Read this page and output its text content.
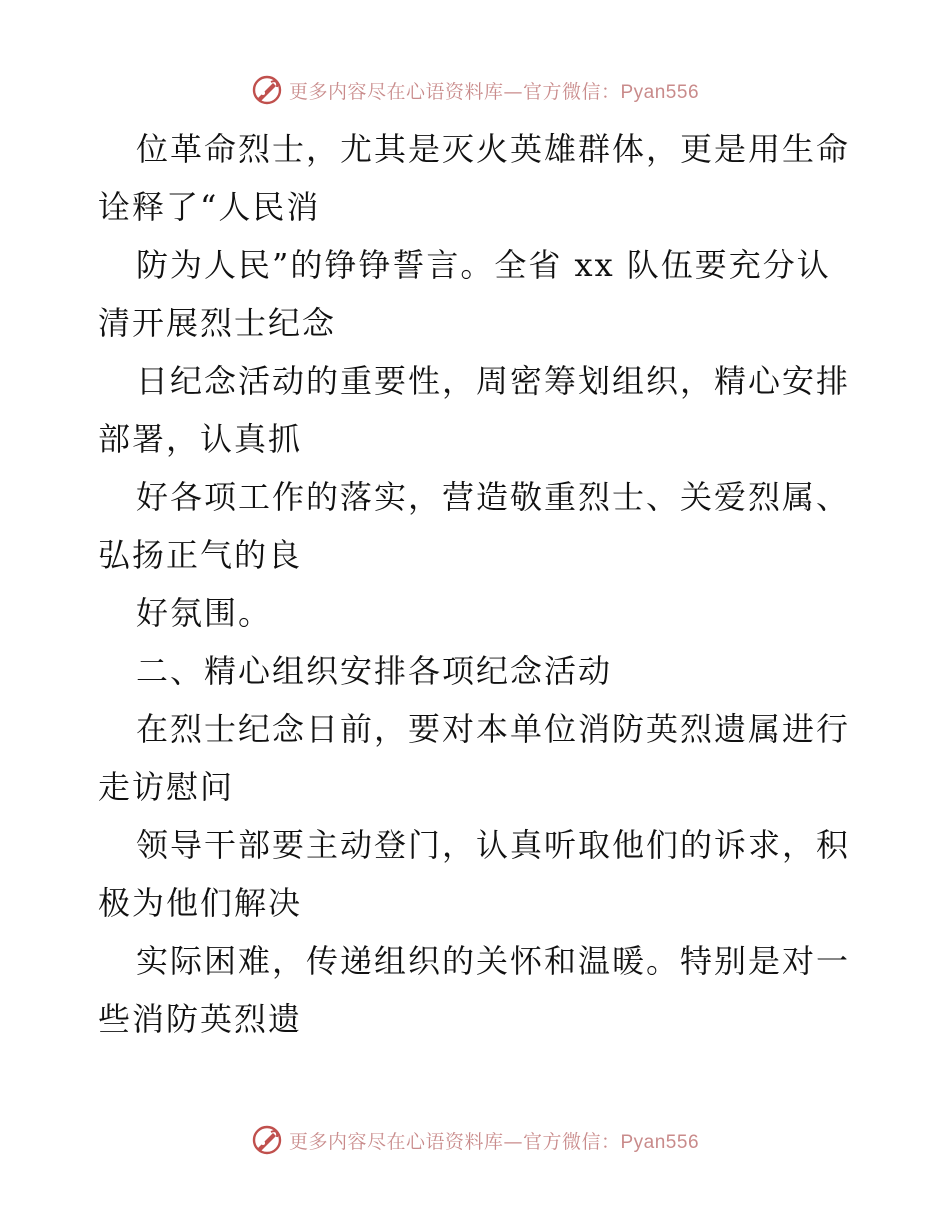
更多内容尽在心语资料库—官方微信：Pyan556
位革命烈士，尤其是灭火英雄群体，更是用生命
诠释了“人民消
防为人民”的铮铮誓言。全省 xx 队伍要充分认
清开展烈士纪念
日纪念活动的重要性，周密筹划组织，精心安排
部署，认真抓
好各项工作的落实，营造敬重烈士、关爱烈属、
弘扬正气的良
好氛围。
二、精心组织安排各项纪念活动
在烈士纪念日前，要对本单位消防英烈遗属进行
走访慰问
领导干部要主动登门，认真听取他们的诉求，积
极为他们解决
实际困难，传递组织的关怀和温暖。特别是对一
些消防英烈遗
更多内容尽在心语资料库—官方微信：Pyan556
